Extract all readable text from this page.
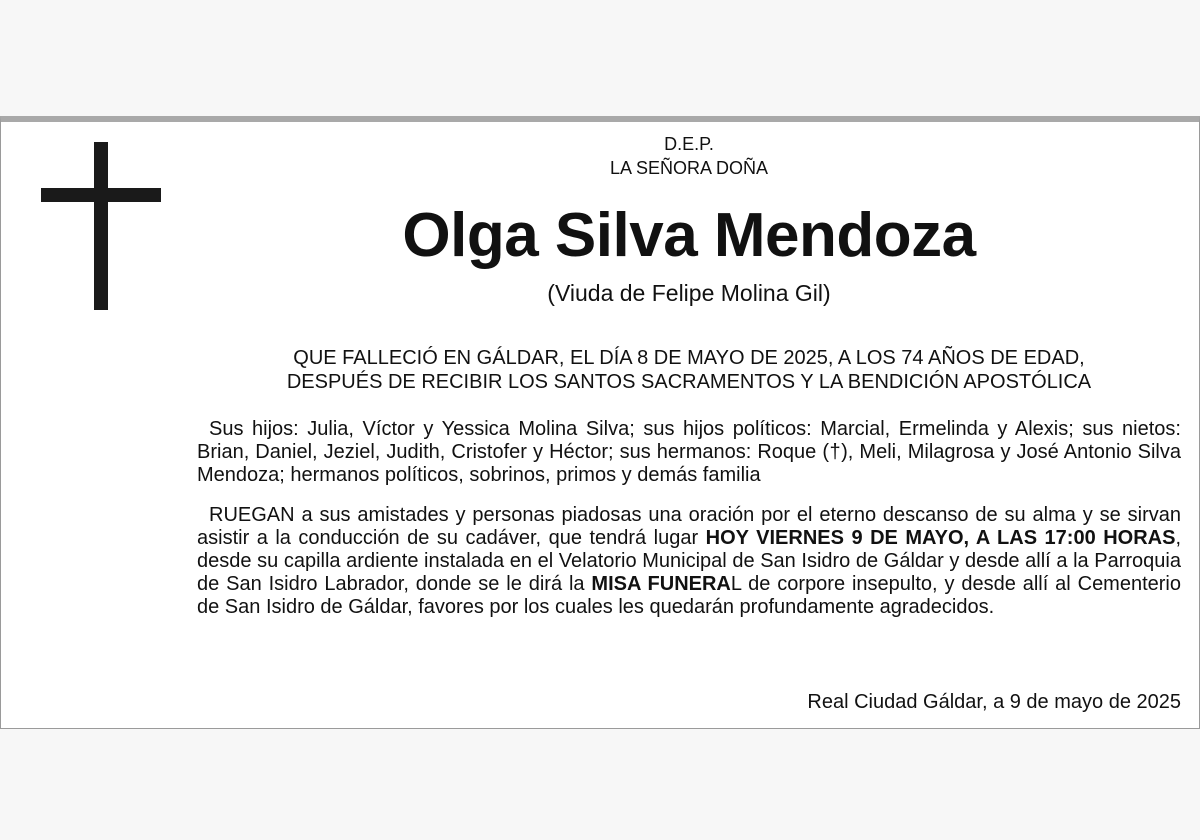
D.E.P.
LA SEÑORA DOÑA
Olga Silva Mendoza
(Viuda de Felipe Molina Gil)
QUE FALLECIÓ EN GÁLDAR, EL DÍA 8 DE MAYO DE 2025, A LOS 74 AÑOS DE EDAD,
DESPUÉS DE RECIBIR LOS SANTOS SACRAMENTOS Y LA BENDICIÓN APOSTÓLICA

Sus hijos: Julia, Víctor y Yessica Molina Silva; sus hijos políticos: Marcial, Ermelinda y Alexis; sus nietos: Brian, Daniel, Jeziel, Judith, Cristofer y Héctor; sus hermanos: Roque (†), Meli, Milagrosa y José Antonio Silva Mendoza; hermanos políticos, sobrinos, primos y demás familia

RUEGAN a sus amistades y personas piadosas una oración por el eterno descanso de su alma y se sirvan asistir a la conducción de su cadáver, que tendrá lugar HOY VIERNES 9 DE MAYO, A LAS 17:00 HORAS, desde su capilla ardiente instalada en el Velatorio Municipal de San Isidro de Gáldar y desde allí a la Parroquia de San Isidro Labrador, donde se le dirá la MISA FUNERAL de corpore insepulto, y desde allí al Cementerio de San Isidro de Gáldar, favores por los cuales les quedarán profundamente agradecidos.

Real Ciudad Gáldar, a 9 de mayo de 2025
